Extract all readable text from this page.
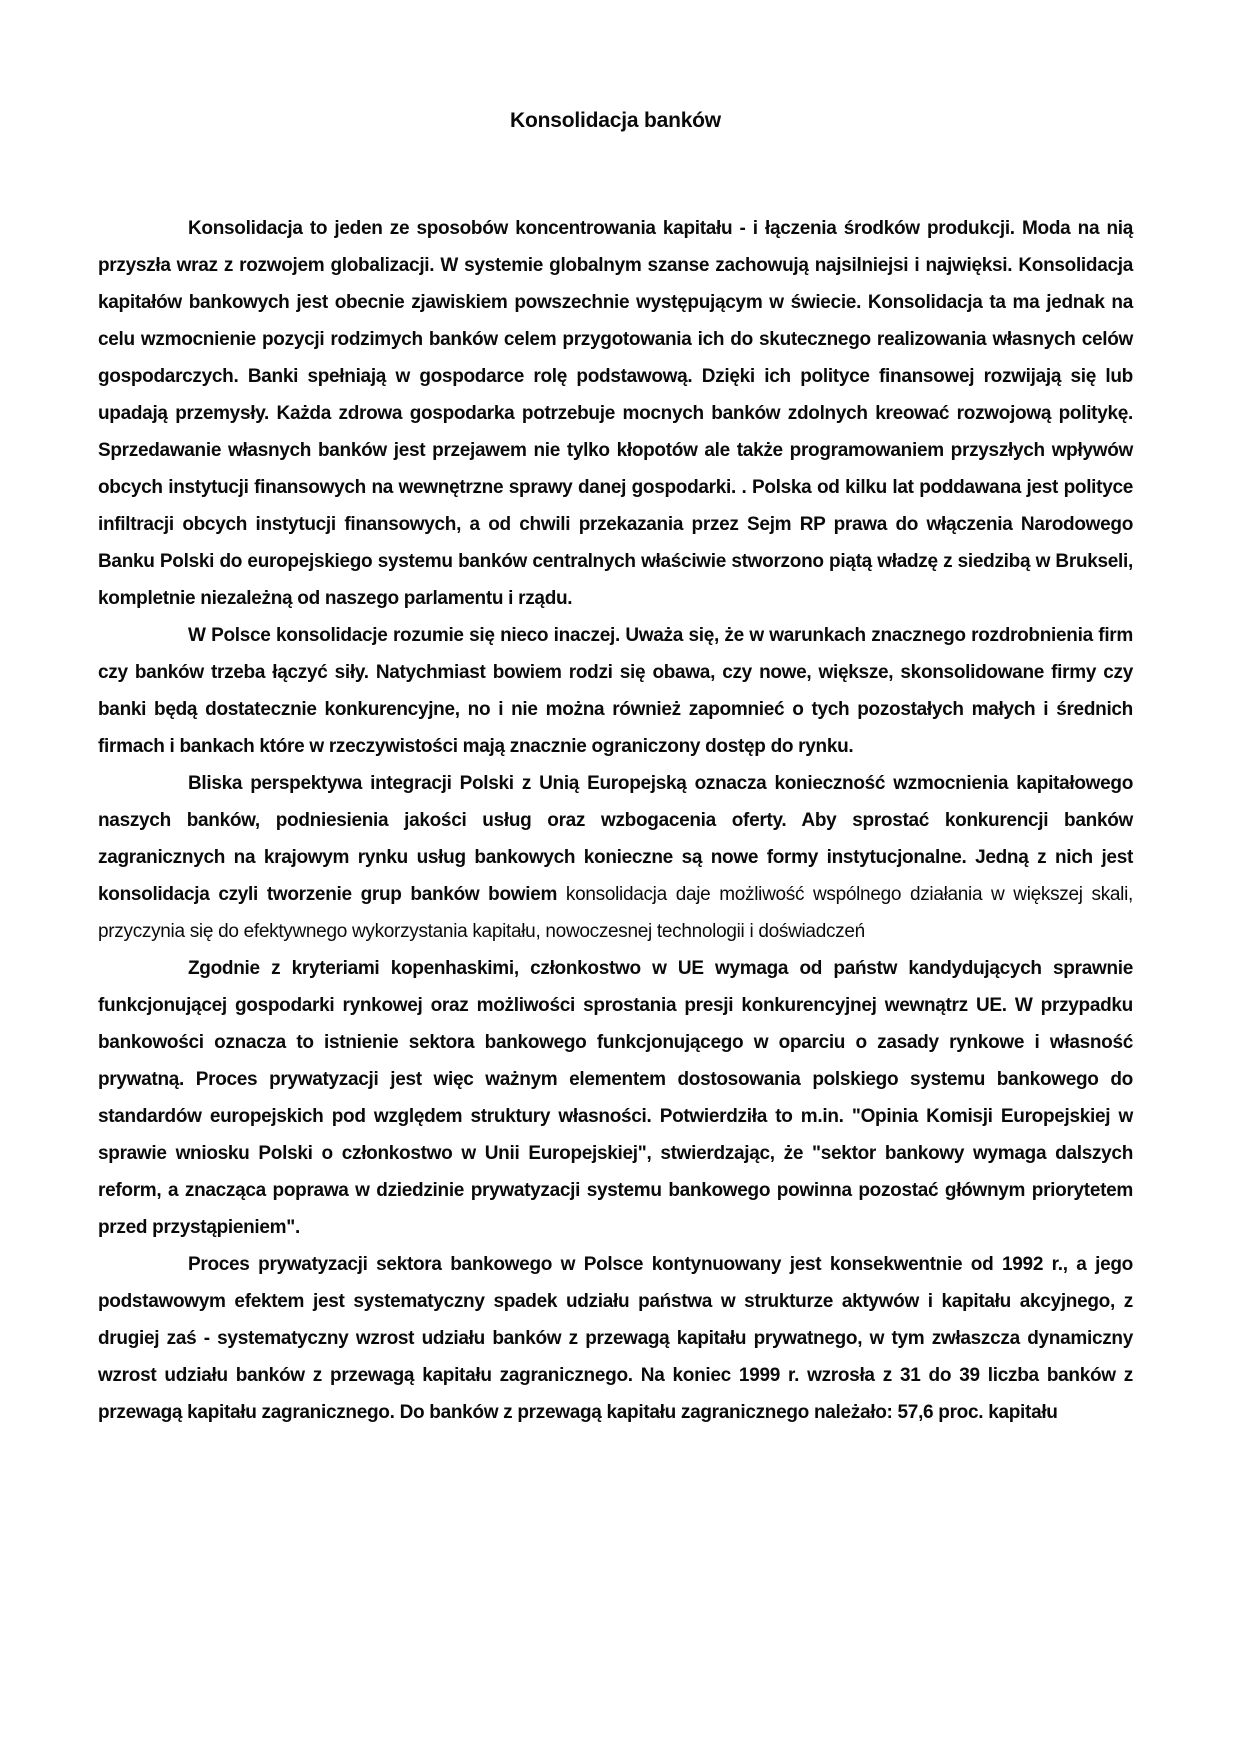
Konsolidacja banków

Konsolidacja to jeden ze sposobów koncentrowania kapitału - i łączenia środków produkcji. Moda na nią przyszła wraz z rozwojem globalizacji. W systemie globalnym szanse zachowują najsilniejsi i najwięksi. Konsolidacja kapitałów bankowych jest obecnie zjawiskiem powszechnie występującym w świecie. Konsolidacja ta ma jednak na celu wzmocnienie pozycji rodzimych banków celem przygotowania ich do skutecznego realizowania własnych celów gospodarczych. Banki spełniają w gospodarce rolę podstawową. Dzięki ich polityce finansowej rozwijają się lub upadają przemysły. Każda zdrowa gospodarka potrzebuje mocnych banków zdolnych kreować rozwojową politykę. Sprzedawanie własnych banków jest przejawem nie tylko kłopotów ale także programowaniem przyszłych wpływów obcych instytucji finansowych na wewnętrzne sprawy danej gospodarki. . Polska od kilku lat poddawana jest polityce infiltracji obcych instytucji finansowych, a od chwili przekazania przez Sejm RP prawa do włączenia Narodowego Banku Polski do europejskiego systemu banków centralnych właściwie stworzono piątą władzę z siedzibą w Brukseli, kompletnie niezależną od naszego parlamentu i rządu.

W Polsce konsolidacje rozumie się nieco inaczej. Uważa się, że w warunkach znacznego rozdrobnienia firm czy banków trzeba łączyć siły. Natychmiast bowiem rodzi się obawa, czy nowe, większe, skonsolidowane firmy czy banki będą dostatecznie konkurencyjne, no i nie można również zapomnieć o tych pozostałych małych i średnich firmach i bankach które w rzeczywistości mają znacznie ograniczony dostęp do rynku.

Bliska perspektywa integracji Polski z Unią Europejską oznacza konieczność wzmocnienia kapitałowego naszych banków, podniesienia jakości usług oraz wzbogacenia oferty. Aby sprostać konkurencji banków zagranicznych na krajowym rynku usług bankowych konieczne są nowe formy instytucjonalne. Jedną z nich jest konsolidacja czyli tworzenie grup banków bowiem konsolidacja daje możliwość wspólnego działania w większej skali, przyczynia się do efektywnego wykorzystania kapitału, nowoczesnej technologii i doświadczeń

Zgodnie z kryteriami kopenhaskimi, członkostwo w UE wymaga od państw kandydujących sprawnie funkcjonującej gospodarki rynkowej oraz możliwości sprostania presji konkurencyjnej wewnątrz UE. W przypadku bankowości oznacza to istnienie sektora bankowego funkcjonującego w oparciu o zasady rynkowe i własność prywatną. Proces prywatyzacji jest więc ważnym elementem dostosowania polskiego systemu bankowego do standardów europejskich pod względem struktury własności. Potwierdziła to m.in. "Opinia Komisji Europejskiej w sprawie wniosku Polski o członkostwo w Unii Europejskiej", stwierdzając, że "sektor bankowy wymaga dalszych reform, a znacząca poprawa w dziedzinie prywatyzacji systemu bankowego powinna pozostać głównym priorytetem przed przystąpieniem".

Proces prywatyzacji sektora bankowego w Polsce kontynuowany jest konsekwentnie od 1992 r., a jego podstawowym efektem jest systematyczny spadek udziału państwa w strukturze aktywów i kapitału akcyjnego, z drugiej zaś - systematyczny wzrost udziału banków z przewagą kapitału prywatnego, w tym zwłaszcza dynamiczny wzrost udziału banków z przewagą kapitału zagranicznego. Na koniec 1999 r. wzrosła z 31 do 39 liczba banków z przewagą kapitału zagranicznego. Do banków z przewagą kapitału zagranicznego należało: 57,6 proc. kapitału
